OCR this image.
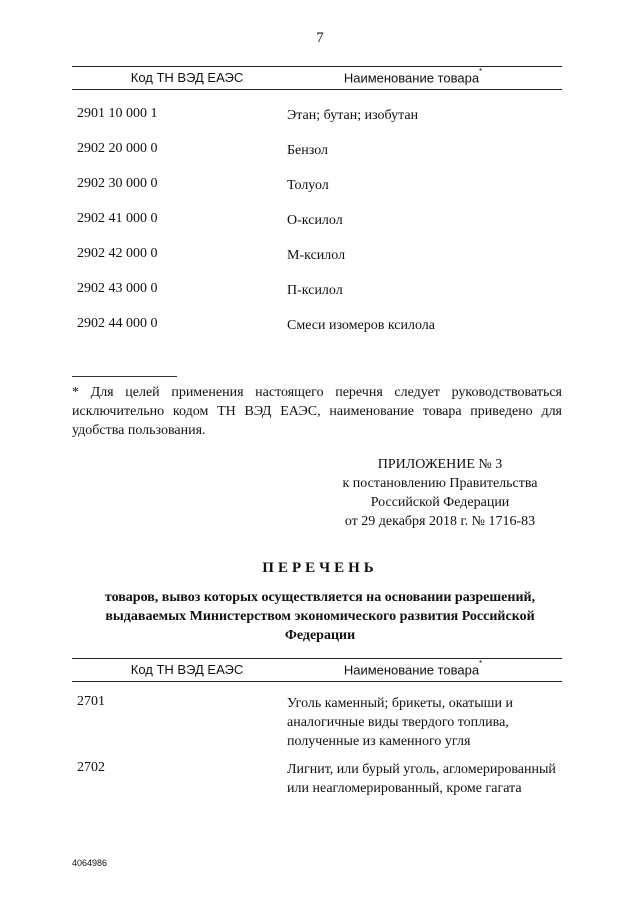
7
Код ТН ВЭД ЕАЭС	Наименование товара*
2901 10 000 1	Этан; бутан; изобутан
2902 20 000 0	Бензол
2902 30 000 0	Толуол
2902 41 000 0	О-ксилол
2902 42 000 0	М-ксилол
2902 43 000 0	П-ксилол
2902 44 000 0	Смеси изомеров ксилола
* Для целей применения настоящего перечня следует руководствоваться исключительно кодом ТН ВЭД ЕАЭС, наименование товара приведено для удобства пользования.
ПРИЛОЖЕНИЕ № 3
к постановлению Правительства
Российской Федерации
от 29 декабря 2018 г. № 1716-83
ПЕРЕЧЕНЬ
товаров, вывоз которых осуществляется на основании разрешений, выдаваемых Министерством экономического развития Российской Федерации
Код ТН ВЭД ЕАЭС	Наименование товара*
2701	Уголь каменный; брикеты, окатыши и аналогичные виды твердого топлива, полученные из каменного угля
2702	Лигнит, или бурый уголь, агломерированный или неагломерированный, кроме гагата
4064986
